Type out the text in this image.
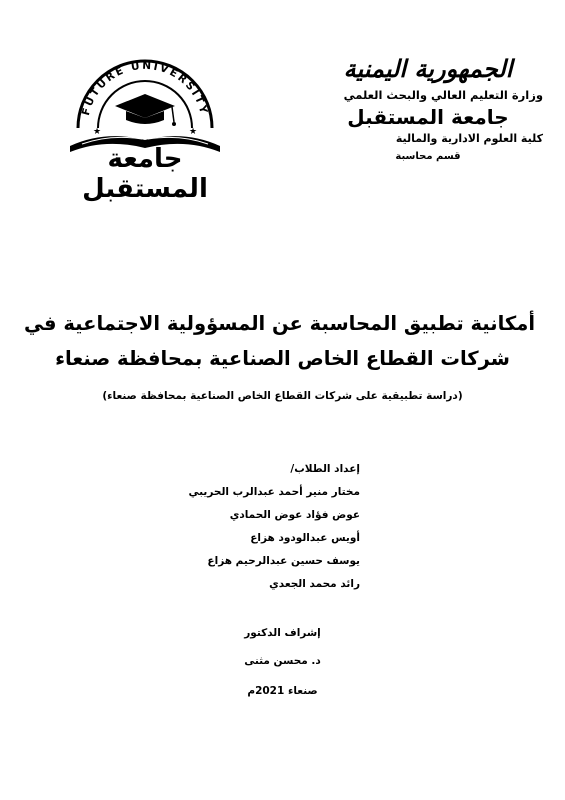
FUTURE UNIVERSITY
★	★
جامعة المستقبل
الجمهورية اليمنية
وزارة التعليم العالي والبحث العلمي
جامعة المستقبل
كلية العلوم الادارية والمالية
قسم محاسبة
أمكانية تطبيق المحاسبة عن المسؤولية الاجتماعية في
شركات القطاع الخاص الصناعية بمحافظة صنعاء
(دراسة تطبيقية على شركات القطاع الخاص الصناعية بمحافظة صنعاء)
إعداد الطلاب/
مختار منير أحمد عبدالرب الحريبي
عوض فؤاد عوض الحمادي
أويس عبدالودود هزاع
يوسف حسين عبدالرحيم هزاع
رائد محمد الجعدي
إشراف الدكتور
د. محسن مثنى
صنعاء 2021م
